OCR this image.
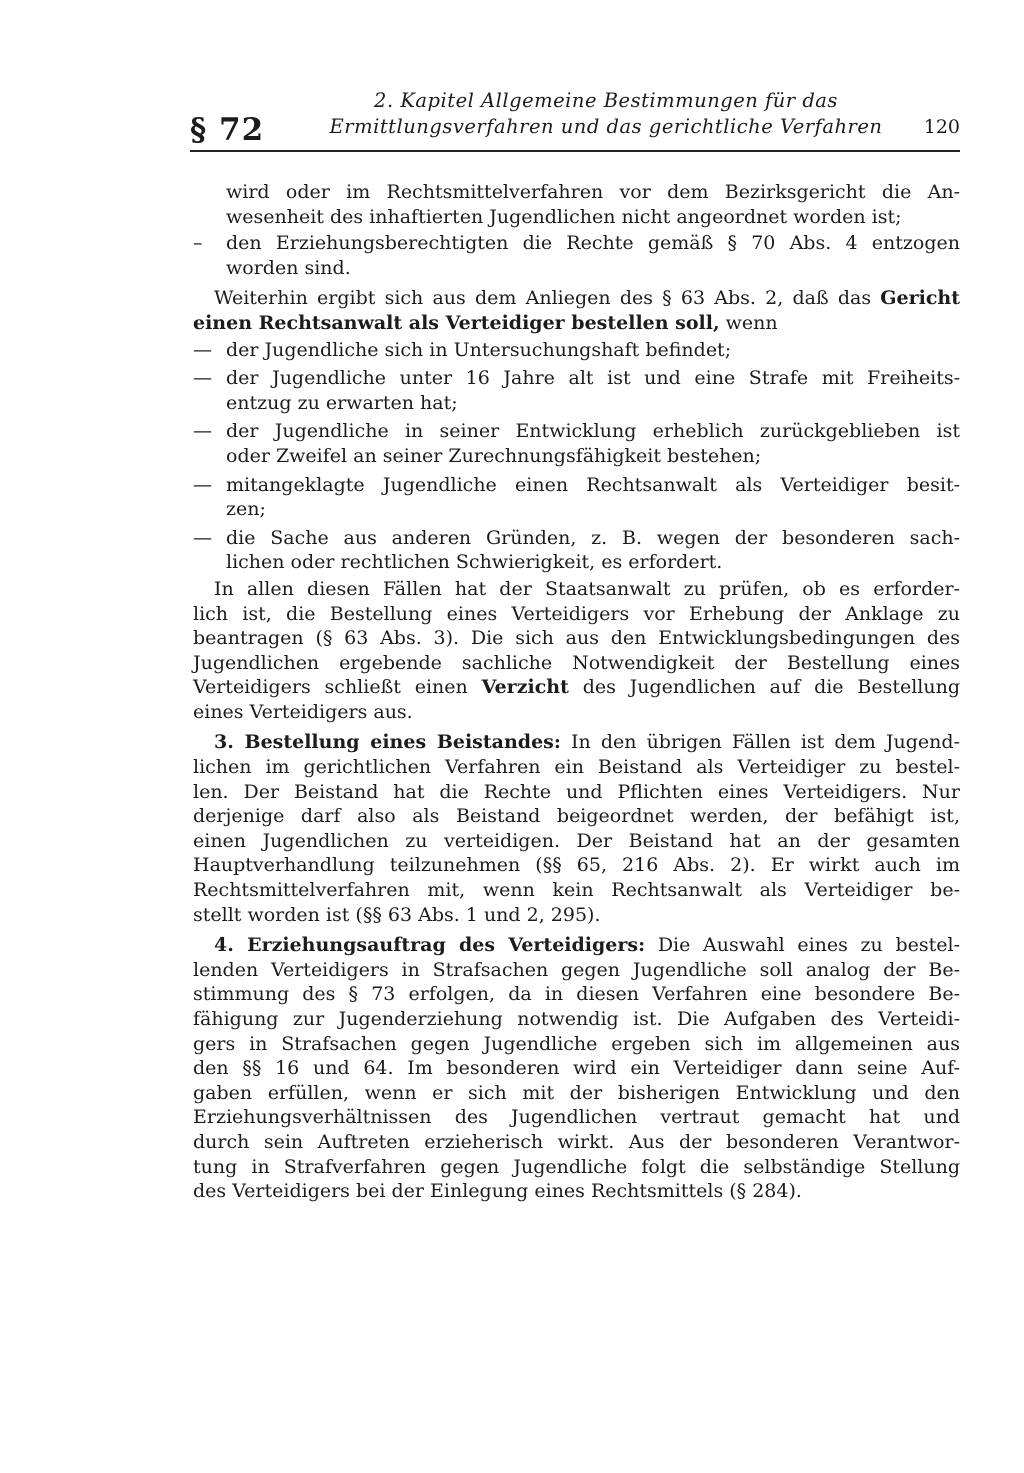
§ 72
2. Kapitel Allgemeine Bestimmungen für das
Ermittlungsverfahren und das gerichtliche Verfahren	120
wird oder im Rechtsmittelverfahren vor dem Bezirksgericht die An-
wesenheit des inhaftierten Jugendlichen nicht angeordnet worden ist;
– den Erziehungsberechtigten die Rechte gemäß § 70 Abs. 4 entzogen
worden sind.
Weiterhin ergibt sich aus dem Anliegen des § 63 Abs. 2, daß das Gericht
einen Rechtsanwalt als Verteidiger bestellen soll, wenn
— der Jugendliche sich in Untersuchungshaft befindet;
— der Jugendliche unter 16 Jahre alt ist und eine Strafe mit Freiheits-
entzug zu erwarten hat;
— der Jugendliche in seiner Entwicklung erheblich zurückgeblieben ist
oder Zweifel an seiner Zurechnungsfähigkeit bestehen;
— mitangeklagte Jugendliche einen Rechtsanwalt als Verteidiger besit-
zen;
— die Sache aus anderen Gründen, z. B. wegen der besonderen sach-
lichen oder rechtlichen Schwierigkeit, es erfordert.
In allen diesen Fällen hat der Staatsanwalt zu prüfen, ob es erforder-
lich ist, die Bestellung eines Verteidigers vor Erhebung der Anklage zu
beantragen (§ 63 Abs. 3). Die sich aus den Entwicklungsbedingungen des
Jugendlichen ergebende sachliche Notwendigkeit der Bestellung eines
Verteidigers schließt einen Verzicht des Jugendlichen auf die Bestellung
eines Verteidigers aus.
3. Bestellung eines Beistandes: In den übrigen Fällen ist dem Jugend-
lichen im gerichtlichen Verfahren ein Beistand als Verteidiger zu bestel-
len. Der Beistand hat die Rechte und Pflichten eines Verteidigers. Nur
derjenige darf also als Beistand beigeordnet werden, der befähigt ist,
einen Jugendlichen zu verteidigen. Der Beistand hat an der gesamten
Hauptverhandlung teilzunehmen (§§ 65, 216 Abs. 2). Er wirkt auch im
Rechtsmittelverfahren mit, wenn kein Rechtsanwalt als Verteidiger be-
stellt worden ist (§§ 63 Abs. 1 und 2, 295).
4. Erziehungsauftrag des Verteidigers: Die Auswahl eines zu bestel-
lenden Verteidigers in Strafsachen gegen Jugendliche soll analog der Be-
stimmung des § 73 erfolgen, da in diesen Verfahren eine besondere Be-
fähigung zur Jugenderziehung notwendig ist. Die Aufgaben des Verteidi-
gers in Strafsachen gegen Jugendliche ergeben sich im allgemeinen aus
den §§ 16 und 64. Im besonderen wird ein Verteidiger dann seine Auf-
gaben erfüllen, wenn er sich mit der bisherigen Entwicklung und den
Erziehungsverhältnissen des Jugendlichen vertraut gemacht hat und
durch sein Auftreten erzieherisch wirkt. Aus der besonderen Verantwor-
tung in Strafverfahren gegen Jugendliche folgt die selbständige Stellung
des Verteidigers bei der Einlegung eines Rechtsmittels (§ 284).
